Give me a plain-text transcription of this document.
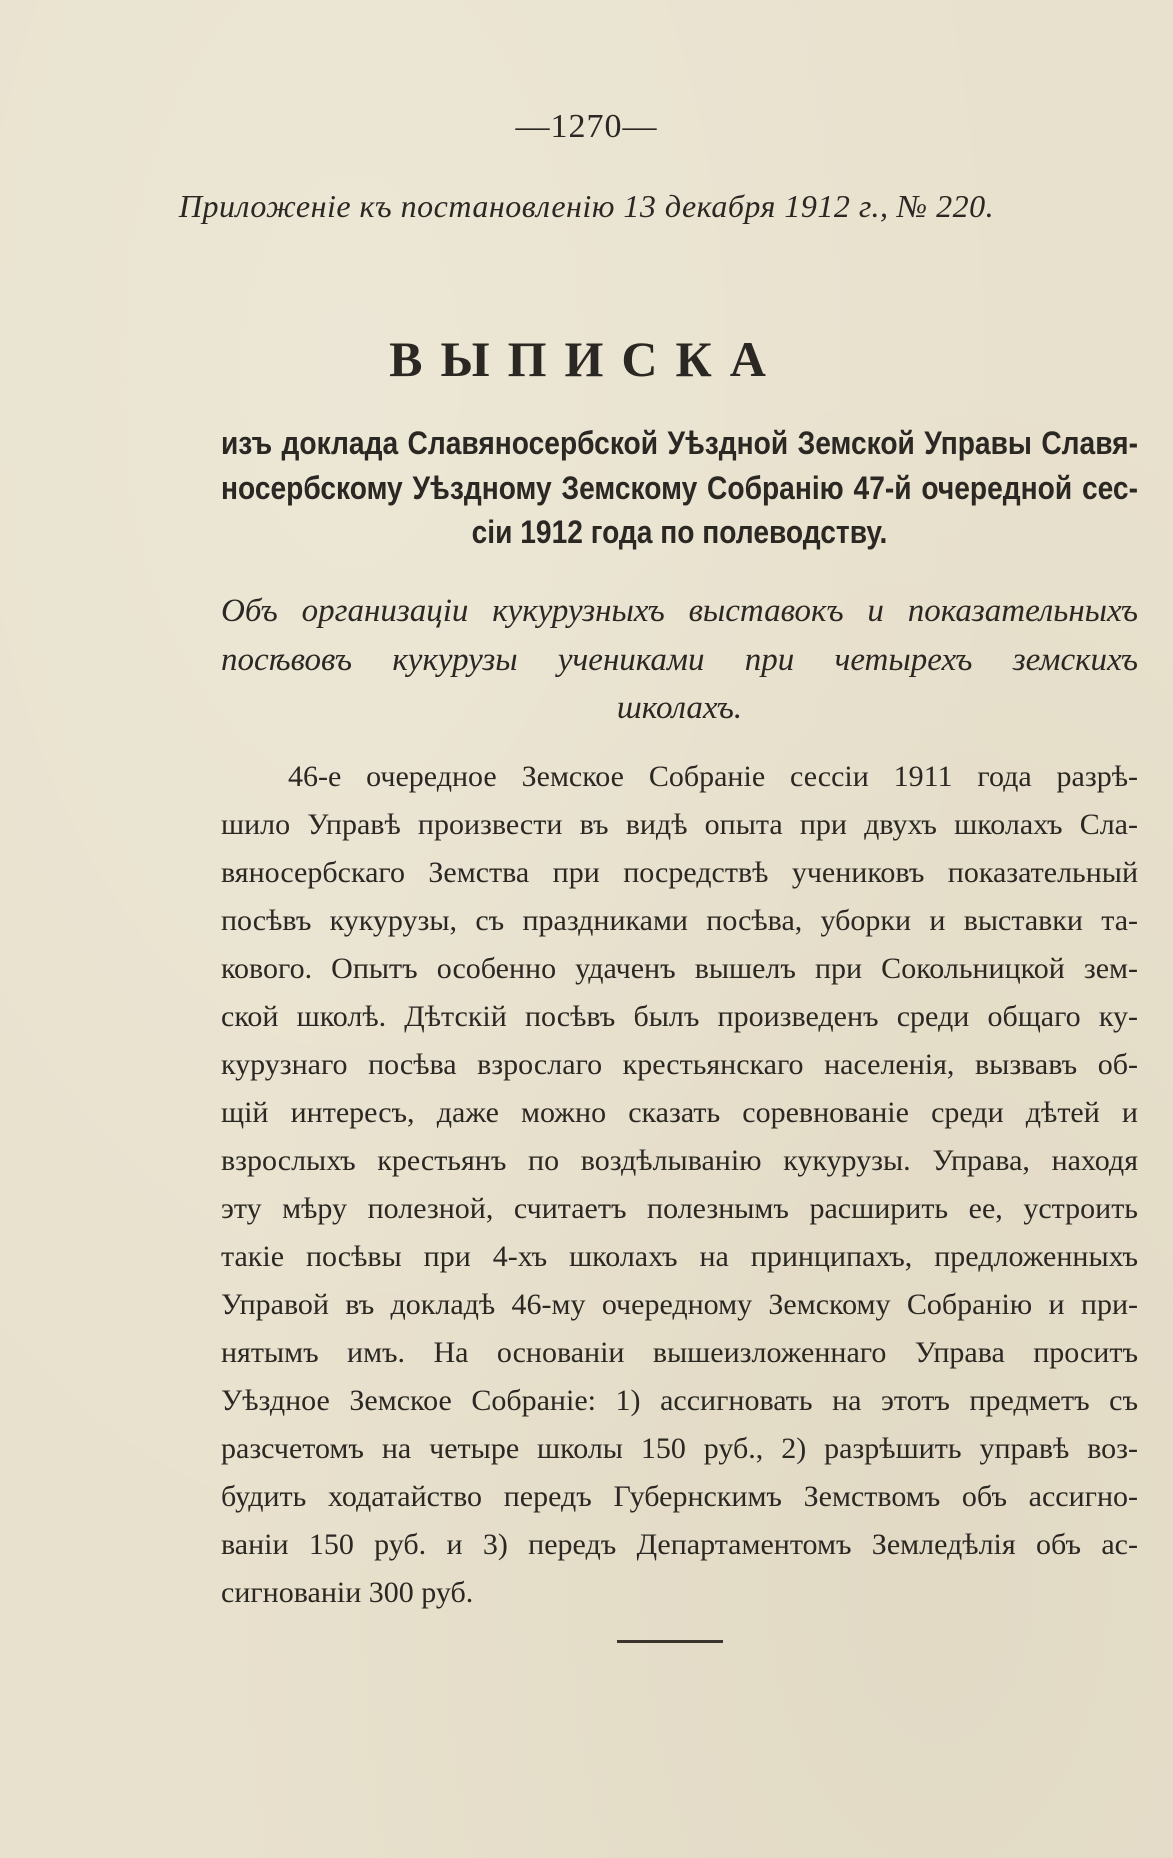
—1270—
Приложеніе къ постановленію 13 декабря 1912 г., № 220.
ВЫПИСКА
изъ доклада Славяносербской Уѣздной Земской Управы Славя-
носербскому Уѣздному Земскому Собранію 47-й очередной сес-
сіи 1912 года по полеводству.
Объ организаціи кукурузныхъ выставокъ и показательныхъ
посѣвовъ кукурузы учениками при четырехъ земскихъ
школахъ.
46-е очередное Земское Собраніе сессіи 1911 года разрѣ-
шило Управѣ произвести въ видѣ опыта при двухъ школахъ Сла-
вяносербскаго Земства при посредствѣ учениковъ показательный
посѣвъ кукурузы, съ праздниками посѣва, уборки и выставки та-
кового. Опытъ особенно удаченъ вышелъ при Сокольницкой зем-
ской школѣ. Дѣтскій посѣвъ былъ произведенъ среди общаго ку-
курузнаго посѣва взрослаго крестьянскаго населенія, вызвавъ об-
щій интересъ, даже можно сказать соревнованіе среди дѣтей и
взрослыхъ крестьянъ по воздѣлыванію кукурузы. Управа, находя
эту мѣру полезной, считаетъ полезнымъ расширить ее, устроить
такіе посѣвы при 4-хъ школахъ на принципахъ, предложенныхъ
Управой въ докладѣ 46-му очередному Земскому Собранію и при-
нятымъ имъ. На основаніи вышеизложеннаго Управа проситъ
Уѣздное Земское Собраніе: 1) ассигновать на этотъ предметъ съ
разсчетомъ на четыре школы 150 руб., 2) разрѣшить управѣ воз-
будить ходатайство передъ Губернскимъ Земствомъ объ ассигно-
ваніи 150 руб. и 3) передъ Департаментомъ Земледѣлія объ ас-
сигнованіи 300 руб.
